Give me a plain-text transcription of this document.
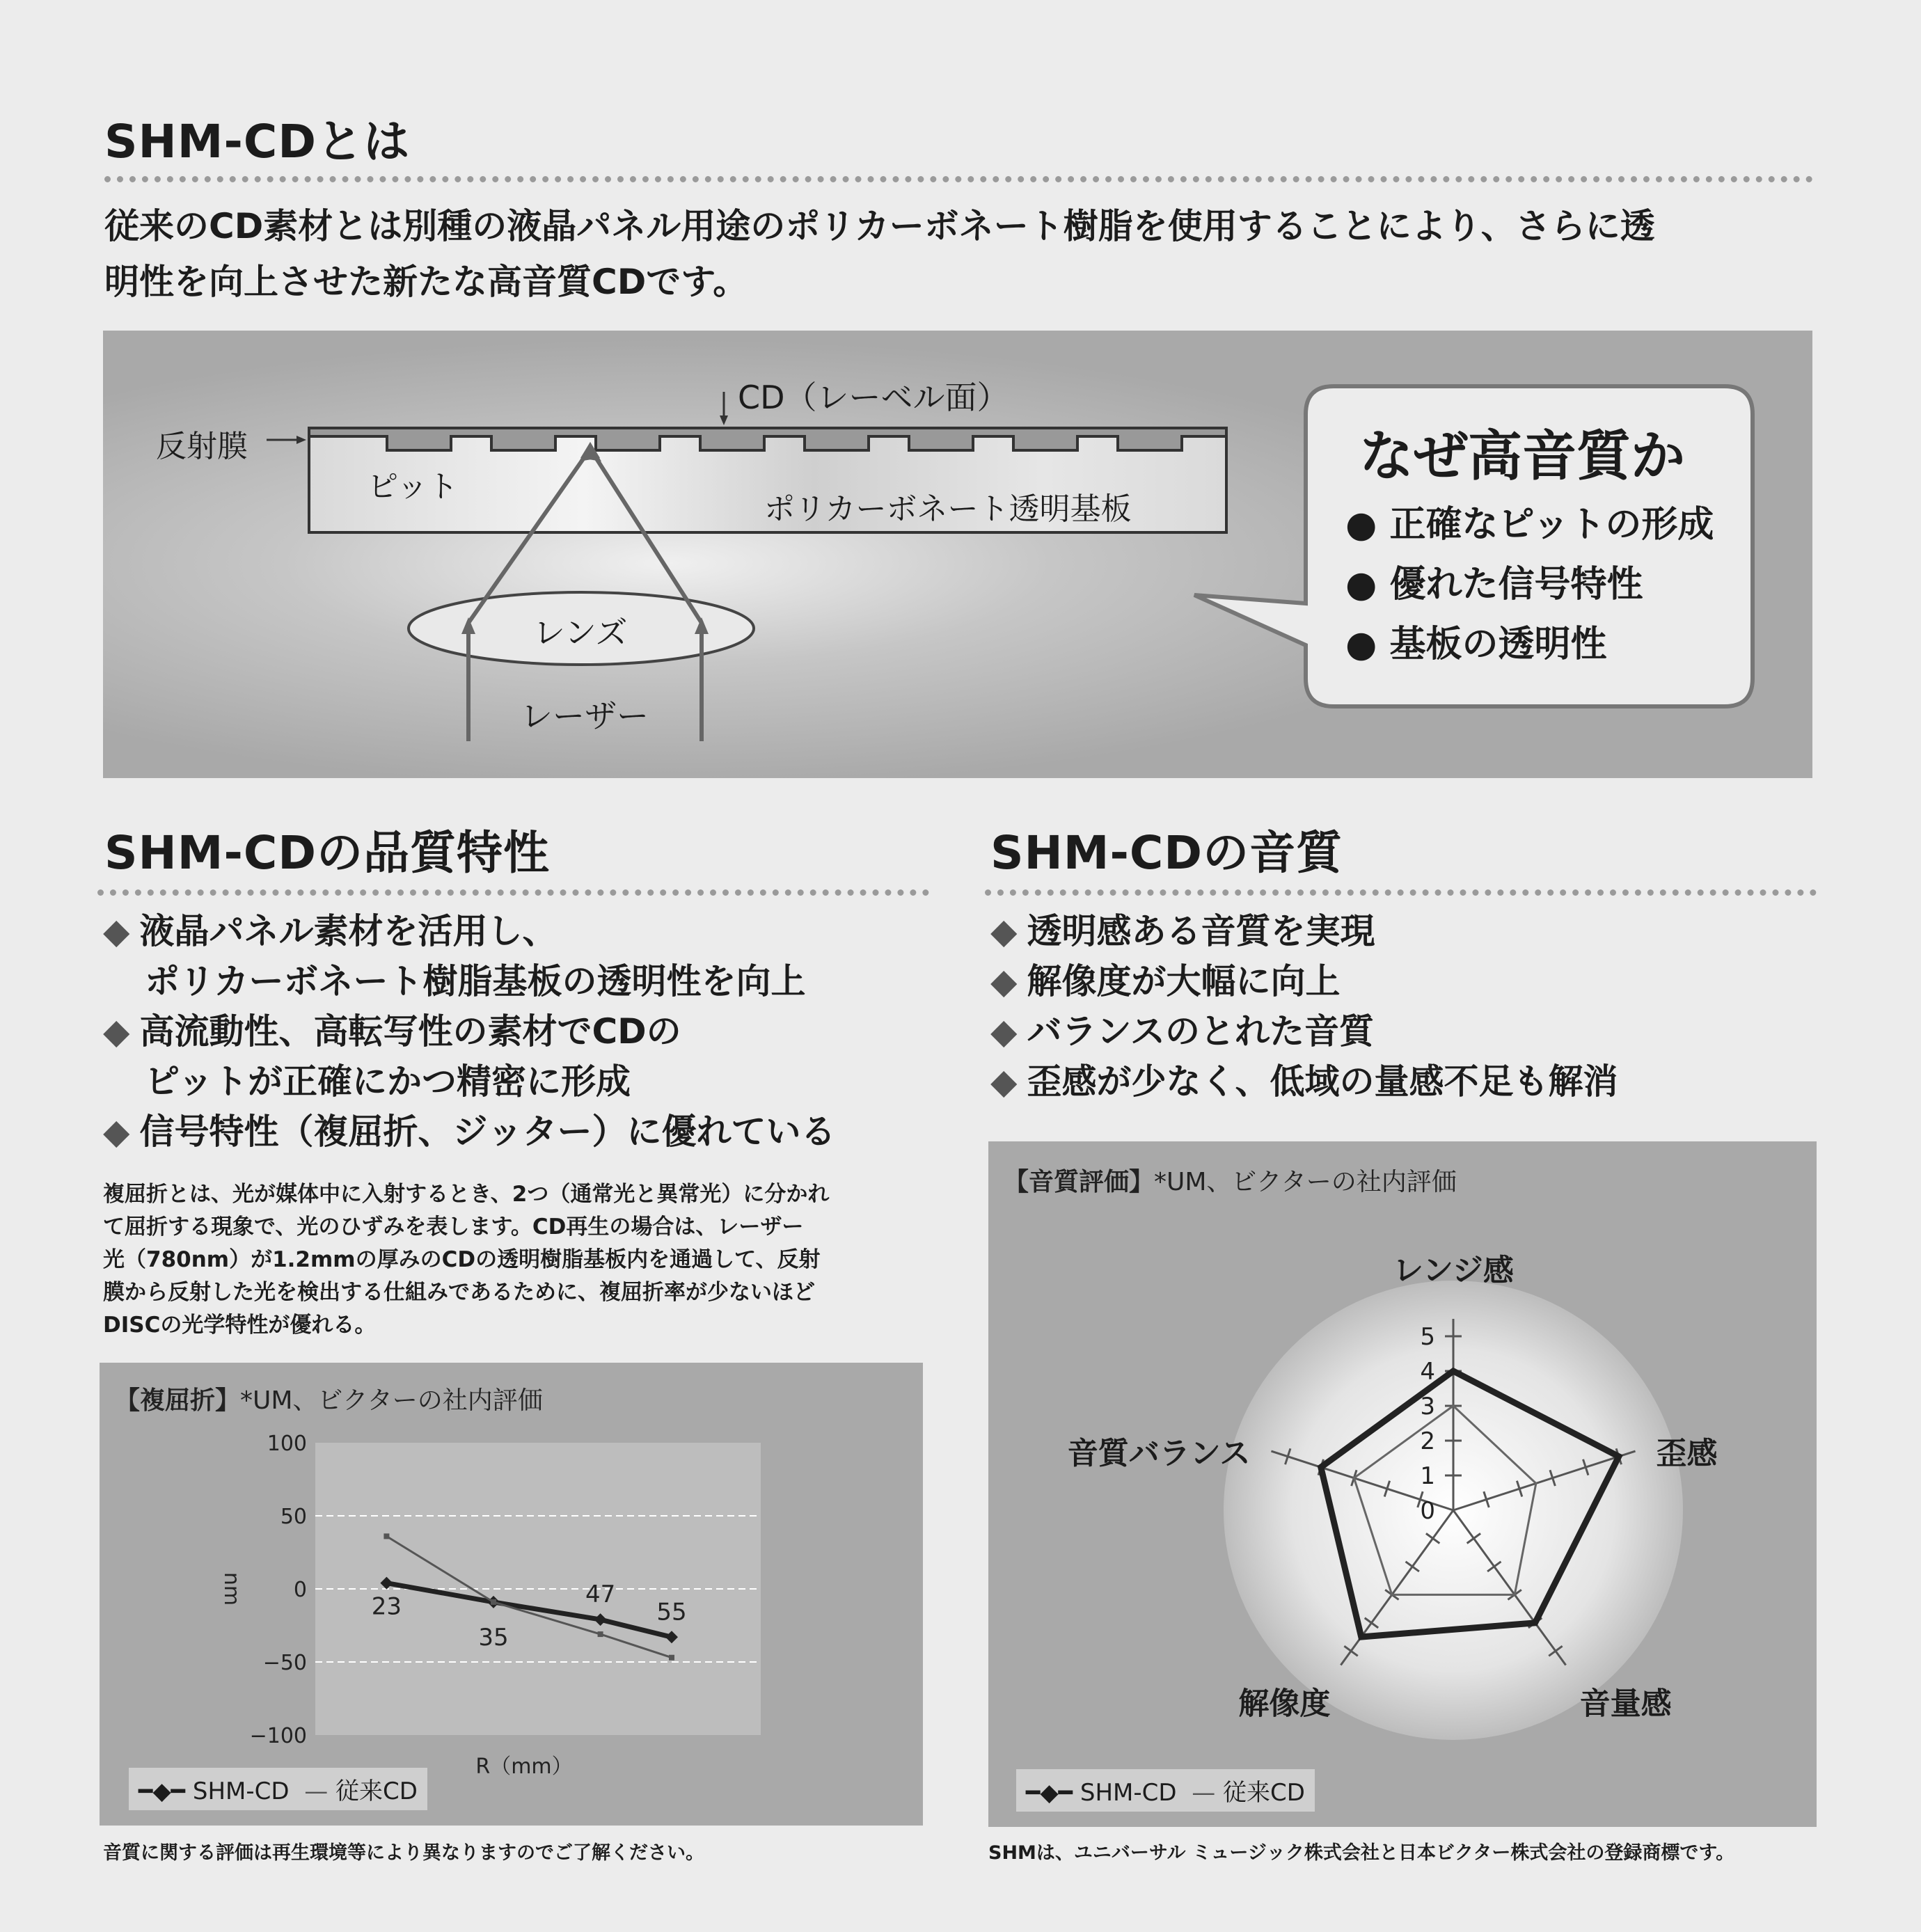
SHM-CDとは
従来のCD素材とは別種の液晶パネル用途のポリカーボネート樹脂を使用することにより、さらに透
明性を向上させた新たな高音質CDです。
CD（レーベル面）
反射膜
ピット
ポリカーボネート透明基板
レンズ
レーザー
なぜ高音質か
● 正確なピットの形成
● 優れた信号特性
● 基板の透明性
SHM-CDの品質特性
◆ 液晶パネル素材を活用し、
ポリカーボネート樹脂基板の透明性を向上
◆ 高流動性、高転写性の素材でCDの
ピットが正確にかつ精密に形成
◆ 信号特性（複屈折、ジッター）に優れている
複屈折とは、光が媒体中に入射するとき、2つ（通常光と異常光）に分かれ
て屈折する現象で、光のひずみを表します。CD再生の場合は、レーザー
光（780nm）が1.2mmの厚みのCDの透明樹脂基板内を通過して、反射
膜から反射した光を検出する仕組みであるために、複屈折率が少ないほど
DISCの光学特性が優れる。
【複屈折】*UM、ビクターの社内評価
100
50
0
−50
−100
nm
R（mm）
23
35
47
55
━◆━ SHM-CD — 従来CD
SHM-CDの音質
◆ 透明感ある音質を実現
◆ 解像度が大幅に向上
◆ バランスのとれた音質
◆ 歪感が少なく、低域の量感不足も解消
【音質評価】*UM、ビクターの社内評価
0
1
2
3
4
5
レンジ感
歪感
音量感
解像度
音質バランス
━◆━ SHM-CD — 従来CD
音質に関する評価は再生環境等により異なりますのでご了解ください。	SHMは、ユニバーサル ミュージック株式会社と日本ビクター株式会社の登録商標です。
